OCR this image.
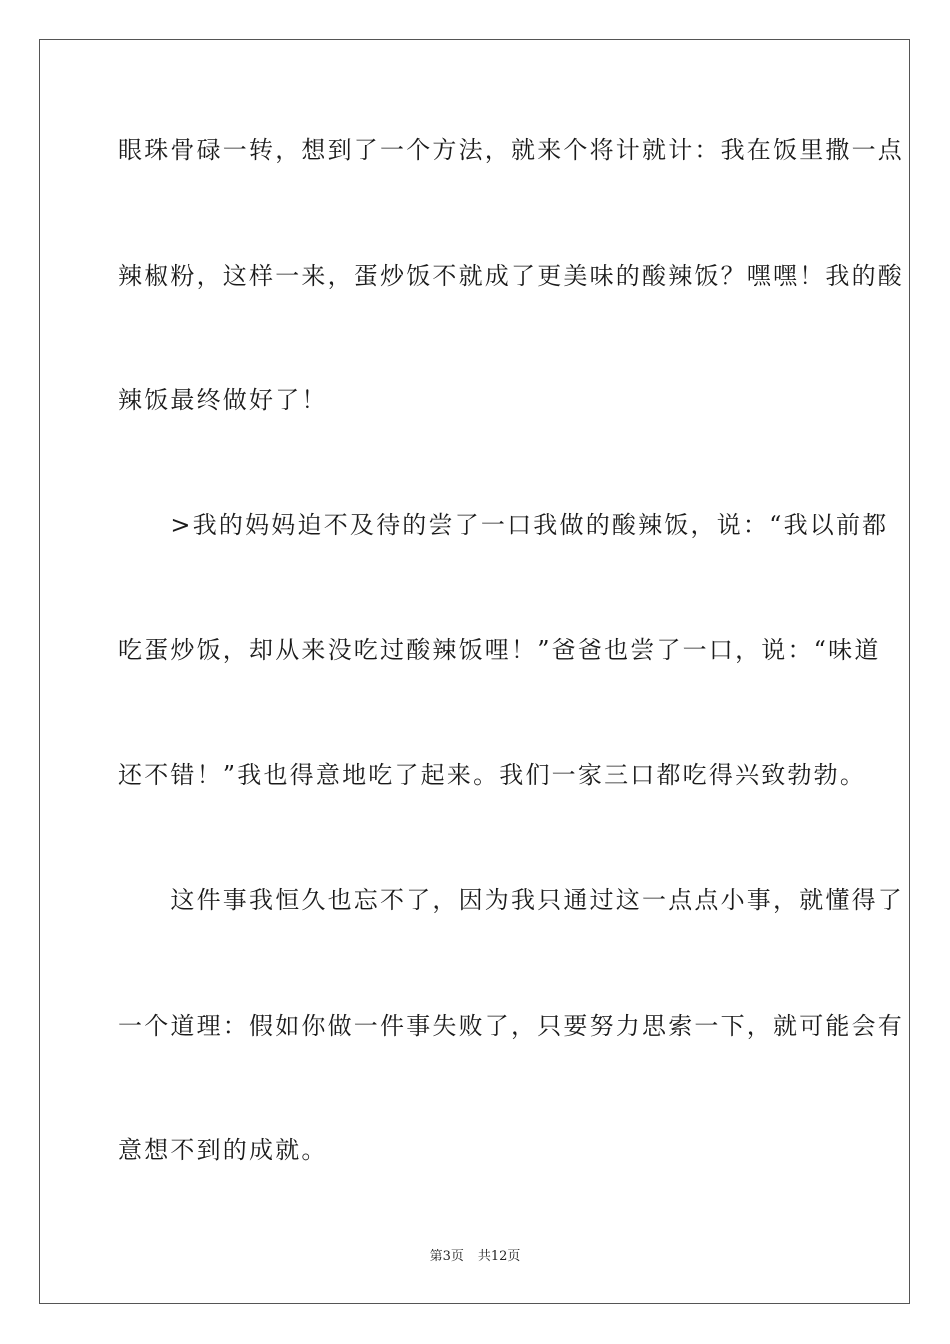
眼珠骨碌一转，想到了一个方法，就来个将计就计：我在饭里撒一点
辣椒粉，这样一来，蛋炒饭不就成了更美味的酸辣饭？嘿嘿！我的酸
辣饭最终做好了！
　　>我的妈妈迫不及待的尝了一口我做的酸辣饭，说：“我以前都
吃蛋炒饭，却从来没吃过酸辣饭哩！”爸爸也尝了一口，说：“味道
还不错！”我也得意地吃了起来。我们一家三口都吃得兴致勃勃。
　　这件事我恒久也忘不了，因为我只通过这一点点小事，就懂得了
一个道理：假如你做一件事失败了，只要努力思索一下，就可能会有
意想不到的成就。
第3页 共12页
